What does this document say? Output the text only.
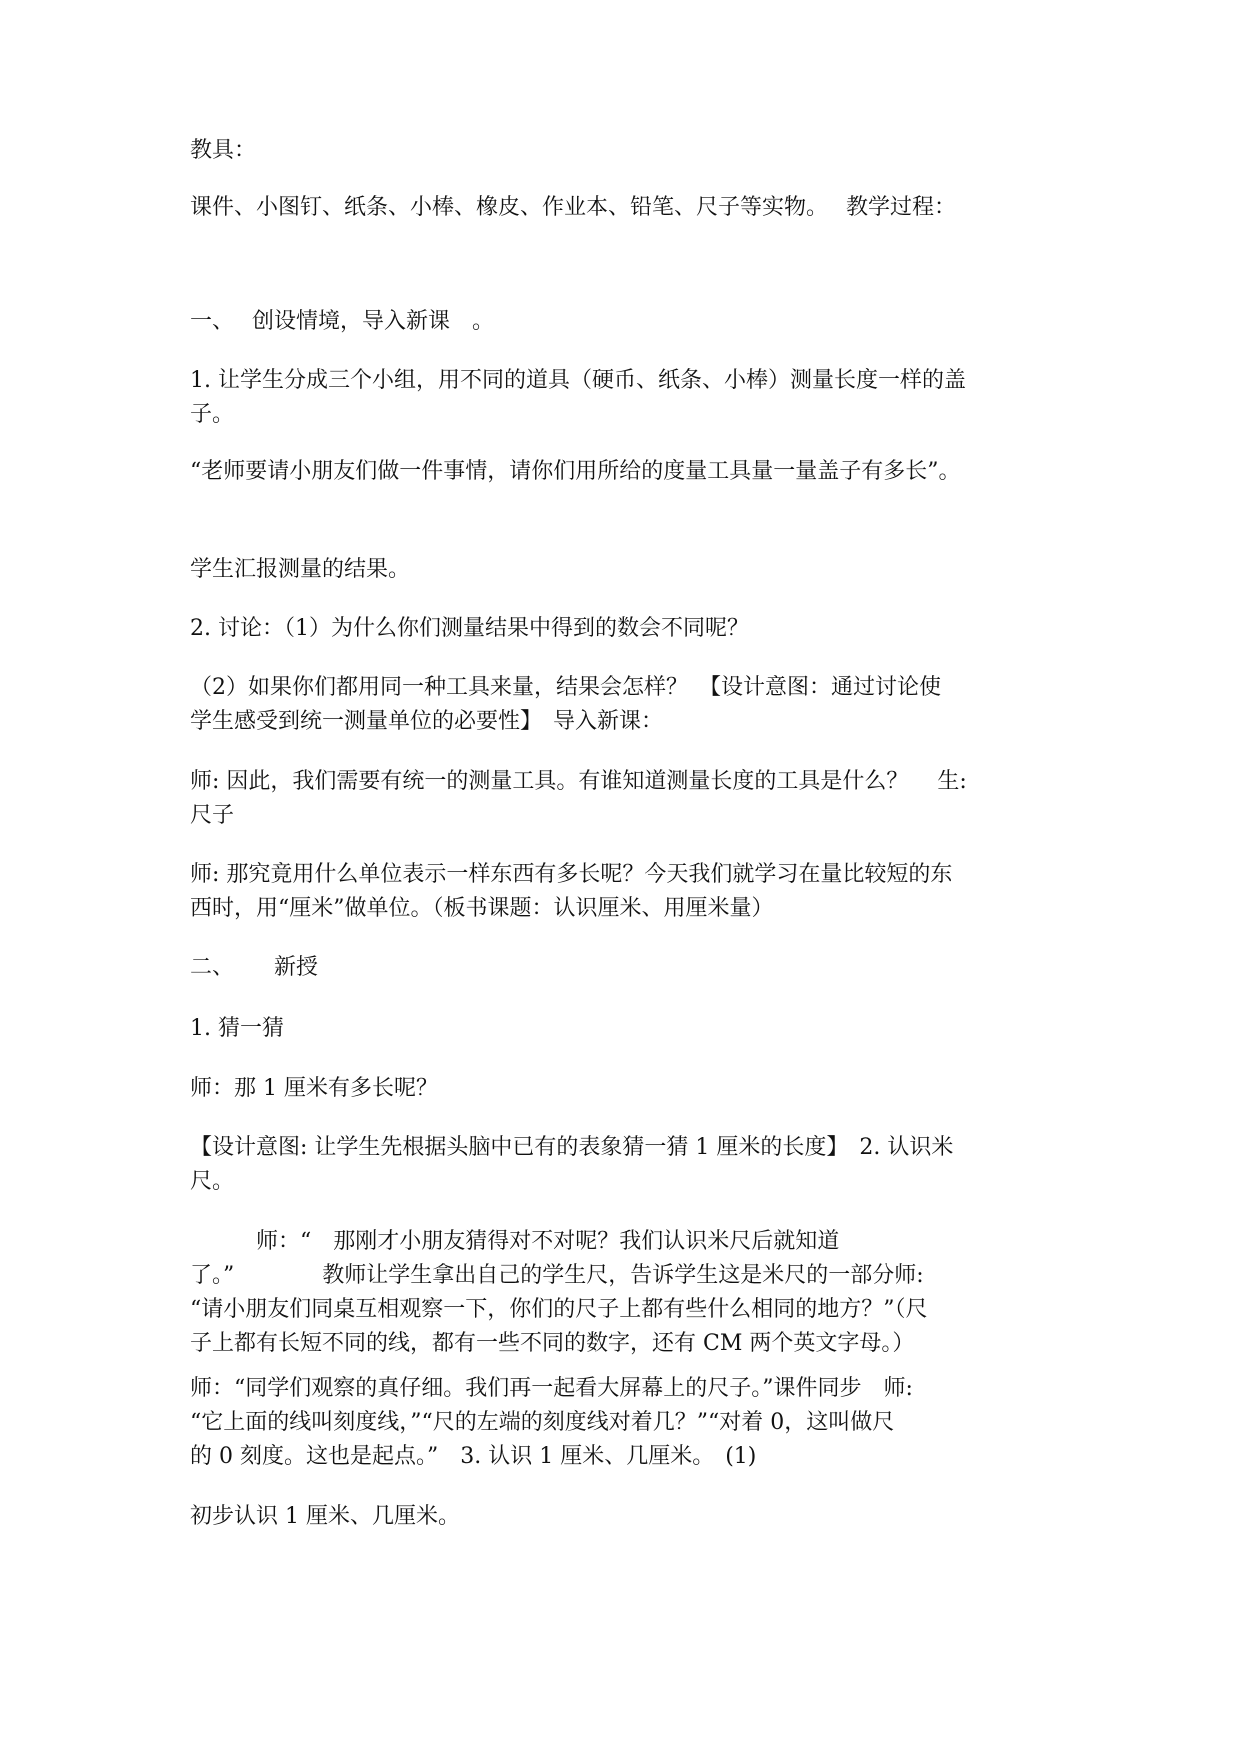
教具：

课件、小图钉、纸条、小棒、橡皮、作业本、铅笔、尺子等实物。　 教学过程：

一、　 创设情境，导入新课　。

1. 让学生分成三个小组，用不同的道具（硬币、纸条、小棒）测量长度一样的盖
子。

“老师要请小朋友们做一件事情，请你们用所给的度量工具量一量盖子有多长”。

学生汇报测量的结果。

2. 讨论：（1）为什么你们测量结果中得到的数会不同呢？

（2）如果你们都用同一种工具来量，结果会怎样？　【设计意图：通过讨论使
学生感受到统一测量单位的必要性】　导入新课：

师: 因此，我们需要有统一的测量工具。有谁知道测量长度的工具是什么？　 生:
尺子

师: 那究竟用什么单位表示一样东西有多长呢？今天我们就学习在量比较短的东
西时，用“厘米”做单位。（板书课题：认识厘米、用厘米量）

二、　　 新授

1. 猜一猜

师：那 1 厘米有多长呢？

【设计意图: 让学生先根据头脑中已有的表象猜一猜 1 厘米的长度】　2. 认识米
尺。

　　　师：“　那刚才小朋友猜得对不对呢？我们认识米尺后就知道
了。”　　　　教师让学生拿出自己的学生尺，告诉学生这是米尺的一部分师:
“请小朋友们同桌互相观察一下，你们的尺子上都有些什么相同的地方？”（尺
子上都有长短不同的线，都有一些不同的数字，还有 CM 两个英文字母。）

师：“同学们观察的真仔细。我们再一起看大屏幕上的尺子。”课件同步　师:
“它上面的线叫刻度线，”“尺的左端的刻度线对着几？”“对着 0，这叫做尺
的 0 刻度。这也是起点。”　3. 认识 1 厘米、几厘米。　(1)

初步认识 1 厘米、几厘米。
